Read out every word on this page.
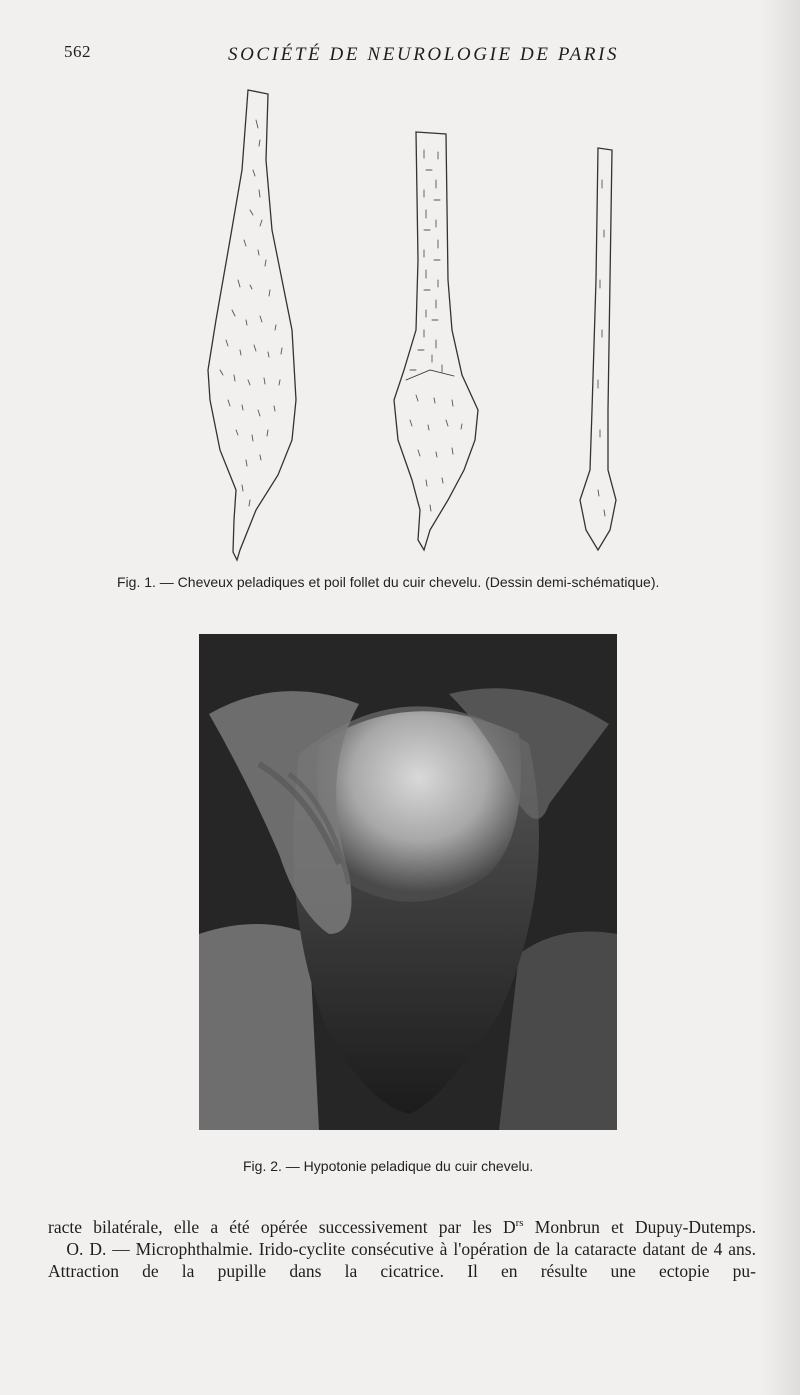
562	SOCIÉTÉ DE NEUROLOGIE DE PARIS
Fig. 1. — Cheveux peladiques et poil follet du cuir chevelu. (Dessin demi-schématique).
Fig. 2. — Hypotonie peladique du cuir chevelu.

racte bilatérale, elle a été opérée successivement par les $D^{rs}$ Monbrun et Dupuy-Dutemps.

O. D. — Microphthalmie. Irido-cyclite consécutive à l'opération de la cataracte datant de 4 ans. Attraction de la pupille dans la cicatrice. Il en résulte une ectopie pu-
